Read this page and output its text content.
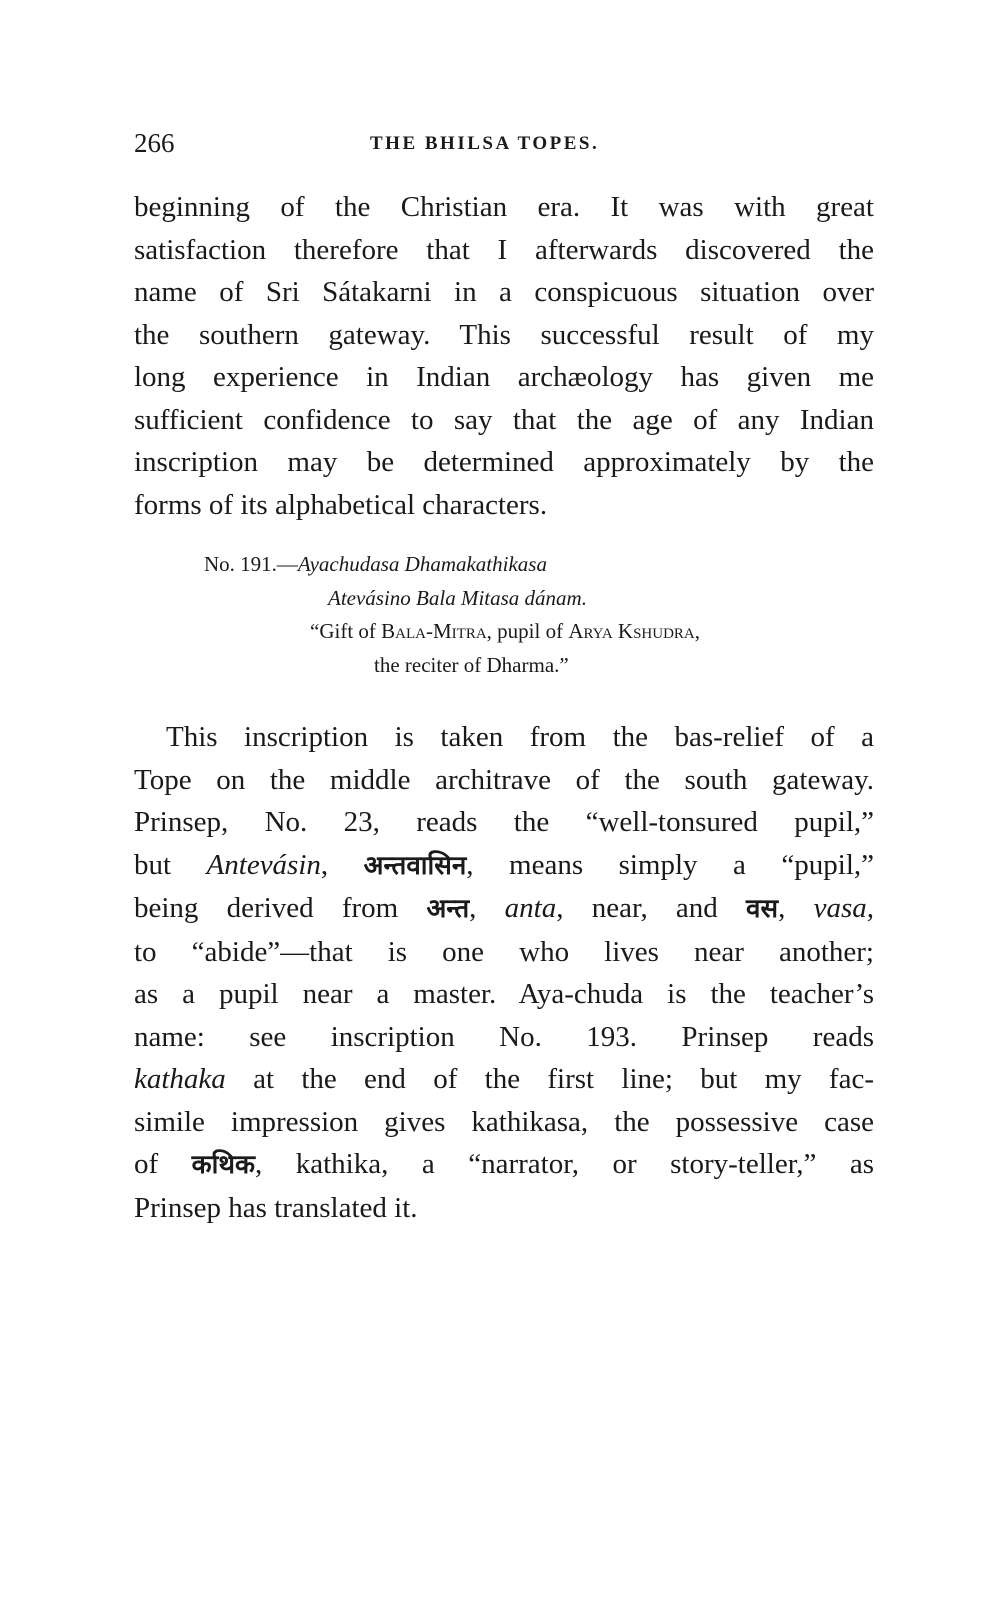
266	THE BHILSA TOPES.

beginning of the Christian era. It was with great
satisfaction therefore that I afterwards discovered the
name of Sri Sátakarni in a conspicuous situation over
the southern gateway. This successful result of my
long experience in Indian archæology has given me
sufficient confidence to say that the age of any Indian
inscription may be determined approximately by the
forms of its alphabetical characters.

No. 191.—Ayachudasa Dhamakathikasa
Atevásino Bala Mitasa dánam.
“Gift of Bala-Mitra, pupil of Arya Kshudra,
the reciter of Dharma.”

This inscription is taken from the bas-relief of a
Tope on the middle architrave of the south gateway.
Prinsep, No. 23, reads the “well-tonsured pupil,”
but Antevásin, अन्तवासिन, means simply a “pupil,”
being derived from अन्त, anta, near, and वस, vasa,
to “abide”—that is one who lives near another;
as a pupil near a master. Aya-chuda is the teacher’s
name: see inscription No. 193. Prinsep reads
kathaka at the end of the first line; but my fac-
simile impression gives kathikasa, the possessive case
of कथिक, kathika, a “narrator, or story-teller,” as
Prinsep has translated it.
